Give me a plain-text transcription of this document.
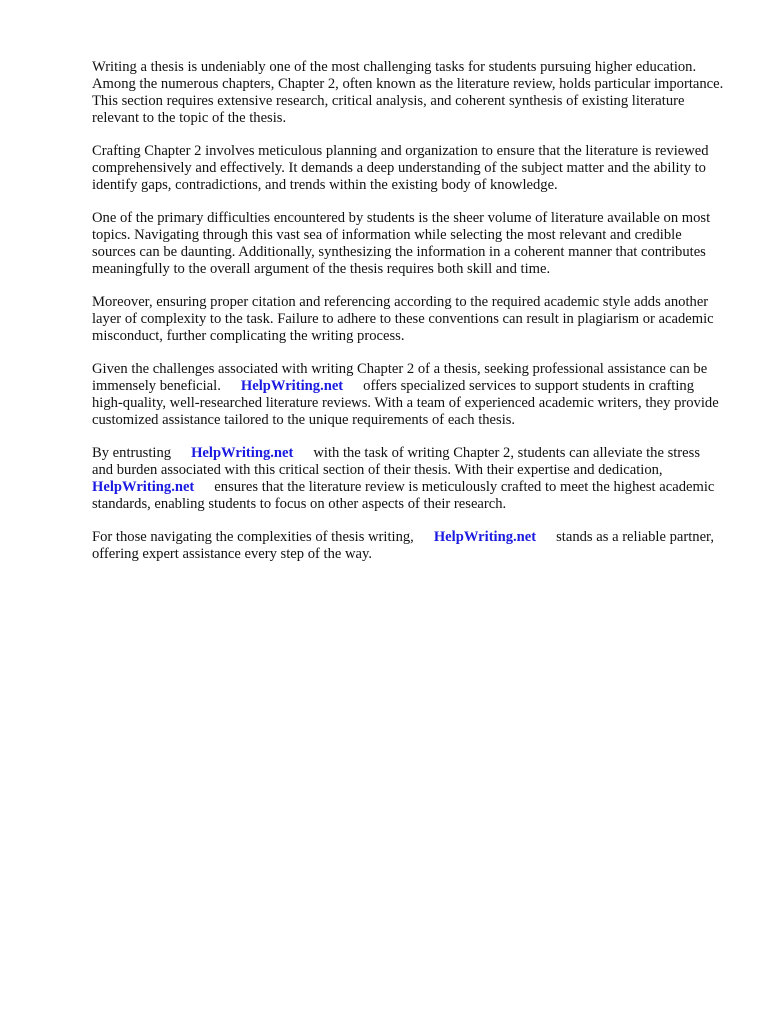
Writing a thesis is undeniably one of the most challenging tasks for students pursuing higher education. Among the numerous chapters, Chapter 2, often known as the literature review, holds particular importance. This section requires extensive research, critical analysis, and coherent synthesis of existing literature relevant to the topic of the thesis.

Crafting Chapter 2 involves meticulous planning and organization to ensure that the literature is reviewed comprehensively and effectively. It demands a deep understanding of the subject matter and the ability to identify gaps, contradictions, and trends within the existing body of knowledge.

One of the primary difficulties encountered by students is the sheer volume of literature available on most topics. Navigating through this vast sea of information while selecting the most relevant and credible sources can be daunting. Additionally, synthesizing the information in a coherent manner that contributes meaningfully to the overall argument of the thesis requires both skill and time.

Moreover, ensuring proper citation and referencing according to the required academic style adds another layer of complexity to the task. Failure to adhere to these conventions can result in plagiarism or academic misconduct, further complicating the writing process.

Given the challenges associated with writing Chapter 2 of a thesis, seeking professional assistance can be immensely beneficial. HelpWriting.net offers specialized services to support students in crafting high-quality, well-researched literature reviews. With a team of experienced academic writers, they provide customized assistance tailored to the unique requirements of each thesis.

By entrusting HelpWriting.net with the task of writing Chapter 2, students can alleviate the stress and burden associated with this critical section of their thesis. With their expertise and dedication,HelpWriting.net ensures that the literature review is meticulously crafted to meet the highest academic standards, enabling students to focus on other aspects of their research.

For those navigating the complexities of thesis writing, HelpWriting.net stands as a reliable partner, offering expert assistance every step of the way.
